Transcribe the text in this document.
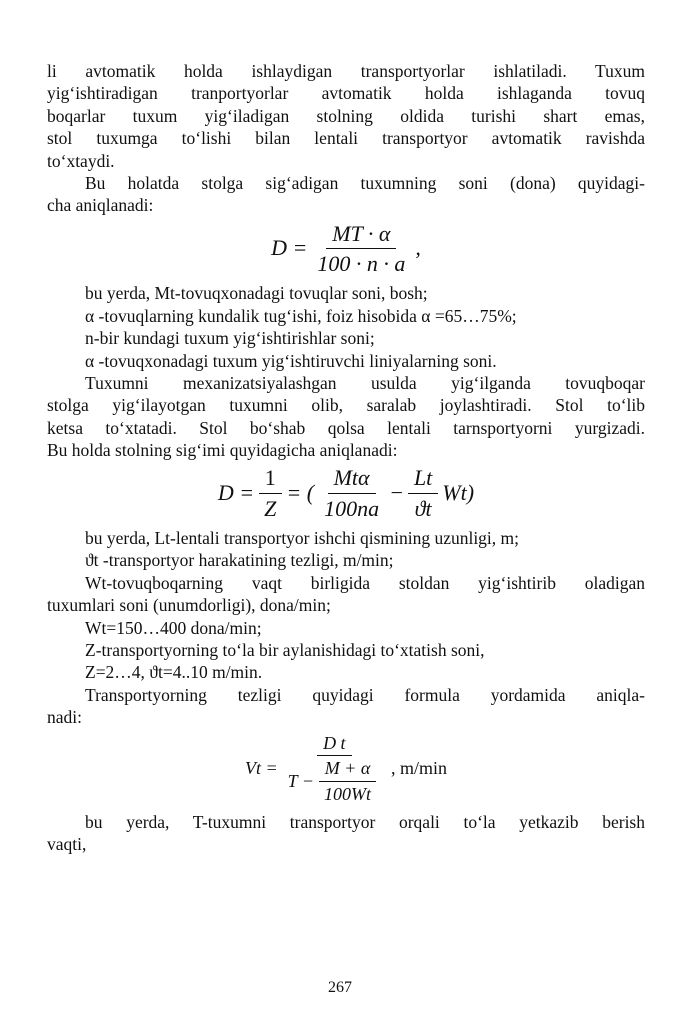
li avtomatik holda ishlaydigan transportyorlar ishlatiladi. Tuxum
yig‘ishtiradigan tranportyorlar avtomatik holda ishlaganda tovuq
boqarlar tuxum yig‘iladigan stolning oldida turishi shart emas,
stol tuxumga to‘lishi bilan lentali transportyor avtomatik ravishda
to‘xtaydi.

Bu holatda stolga sig‘adigan tuxumning soni (dona) quyidagi-
cha aniqlanadi:

$D = \frac{MT \cdot \alpha}{100 \cdot n \cdot a}$ ,
bu yerda, Mt-tovuqxonadagi tovuqlar soni, bosh;
α -tovuqlarning kundalik tug‘ishi, foiz hisobida α =65…75%;
n-bir kundagi tuxum yig‘ishtirishlar soni;
α -tovuqxonadagi tuxum yig‘ishtiruvchi liniyalarning soni.

Tuxumni mexanizatsiyalashgan usulda yig‘ilganda tovuqboqar
stolga yig‘ilayotgan tuxumni olib, saralab joylashtiradi. Stol to‘lib
ketsa to‘xtatadi. Stol bo‘shab qolsa lentali tarnsportyorni yurgizadi.
Bu holda stolning sig‘imi quyidagicha aniqlanadi:

$D = \frac{1}{Z}$ = ( $\frac{\text{Mtα}}{100na} - \frac{Lt}{ϑt} Wt$)
bu yerda, Lt-lentali transportyor ishchi qismining uzunligi, m;
ϑt -transportyor harakatining tezligi, m/min;
Wt-tovuqboqarning vaqt birligida stoldan yig‘ishtirib oladigan
tuxumlari soni (unumdorligi), dona/min;
Wt=150…400 dona/min;
Z-transportyorning to‘la bir aylanishidagi to‘xtatish soni,
Z=2…4, ϑt=4..10 m/min.

Transportyorning tezligi quyidagi formula yordamida aniqla-
nadi:

$Vt = \frac{\text{D t}}{T - \frac{M + \alpha}{100Wt}}$ , m/min

bu yerda, T-tuxumni transportyor orqali to‘la yetkazib berish
vaqti,

267
